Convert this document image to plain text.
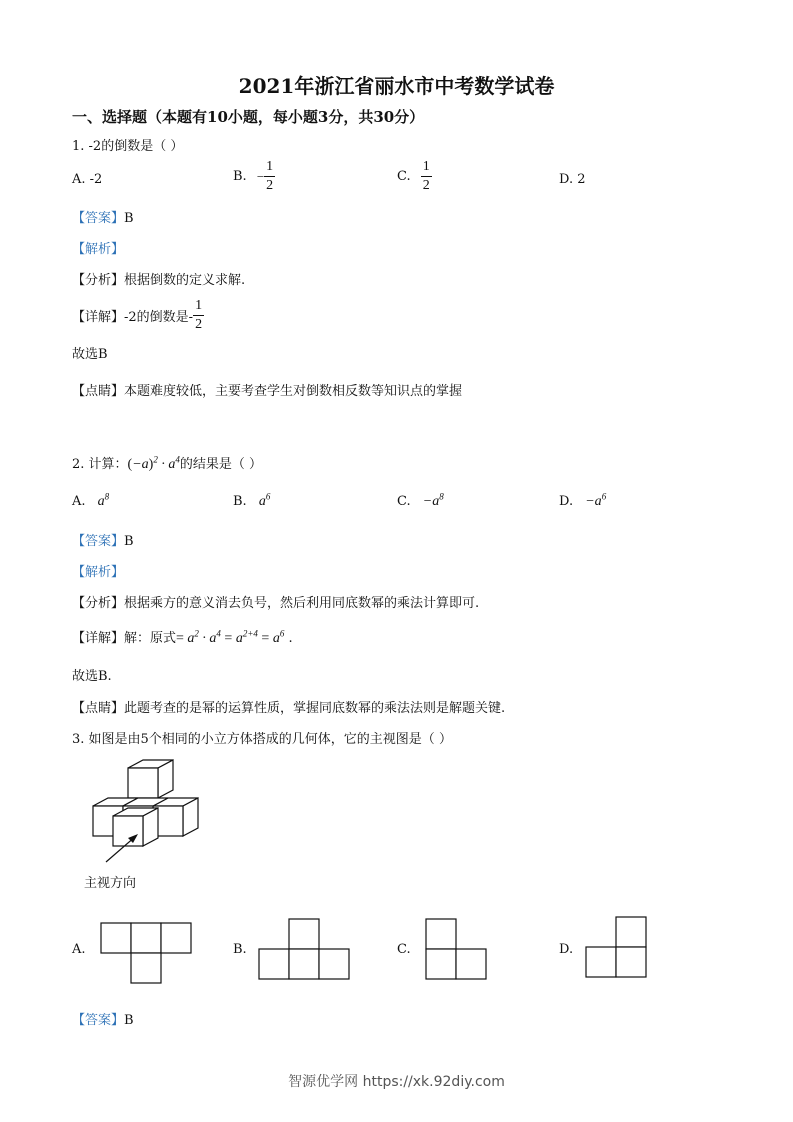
2021年浙江省丽水市中考数学试卷
一、选择题（本题有10小题，每小题3分，共30分）
1. -2的倒数是（ ）
A. -2	B. − $\frac{1}{2}$	C. $\frac{1}{2}$	D. 2
【答案】B
【解析】
【分析】根据倒数的定义求解.
【详解】-2的倒数是- $\frac{1}{2}$
故选B
【点睛】本题难度较低，主要考查学生对倒数相反数等知识点的掌握
2. 计算：$(-a)^2 \cdot a^4$的结果是（ ）
A. $a^8$	B. $a^6$	C. $-a^8$	D. $-a^6$
【答案】B
【解析】
【分析】根据乘方的意义消去负号，然后利用同底数幂的乘法计算即可.
【详解】解：原式= $a^2 \cdot a^4 = a^{2+4} = a^6$ .
故选B.
【点睛】此题考查的是幂的运算性质，掌握同底数幂的乘法法则是解题关键.
3. 如图是由5个相同的小立方体搭成的几何体，它的主视图是（ ）
主视方向
A.	B.	C.	D.
【答案】B
智源优学网 https://xk.92diy.com
